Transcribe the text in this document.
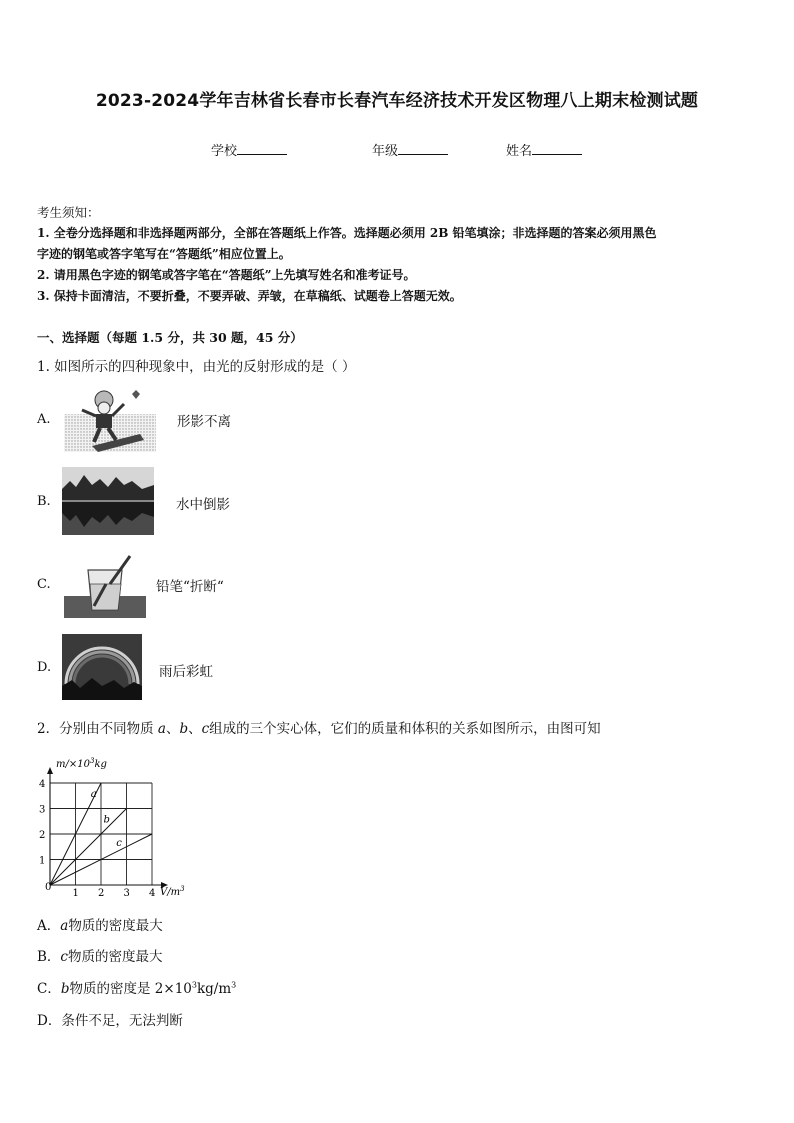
2023-2024学年吉林省长春市长春汽车经济技术开发区物理八上期末检测试题
学校	年级	姓名
考生须知：
1. 全卷分选择题和非选择题两部分，全部在答题纸上作答。选择题必须用 2B 铅笔填涂；非选择题的答案必须用黑色
字迹的钢笔或答字笔写在“答题纸”相应位置上。
2. 请用黑色字迹的钢笔或答字笔在“答题纸”上先填写姓名和准考证号。
3. 保持卡面清洁，不要折叠，不要弄破、弄皱，在草稿纸、试题卷上答题无效。
一、选择题（每题 1.5 分，共 30 题，45 分）
1. 如图所示的四种现象中，由光的反射形成的是（ ）
A.	形影不离
B.	水中倒影
C.	铅笔“折断“
D.	雨后彩虹
2．分别由不同物质 a、b、c组成的三个实心体，它们的质量和体积的关系如图所示，由图可知
1 2 3 4
1
2
3
4
a
b
c
$m/\times 10^3kg$
$V/m^3$
0
A．a物质的密度最大
B．c物质的密度最大
C．b物质的密度是 $2\times 10^3kg/m^3$
D．条件不足，无法判断
